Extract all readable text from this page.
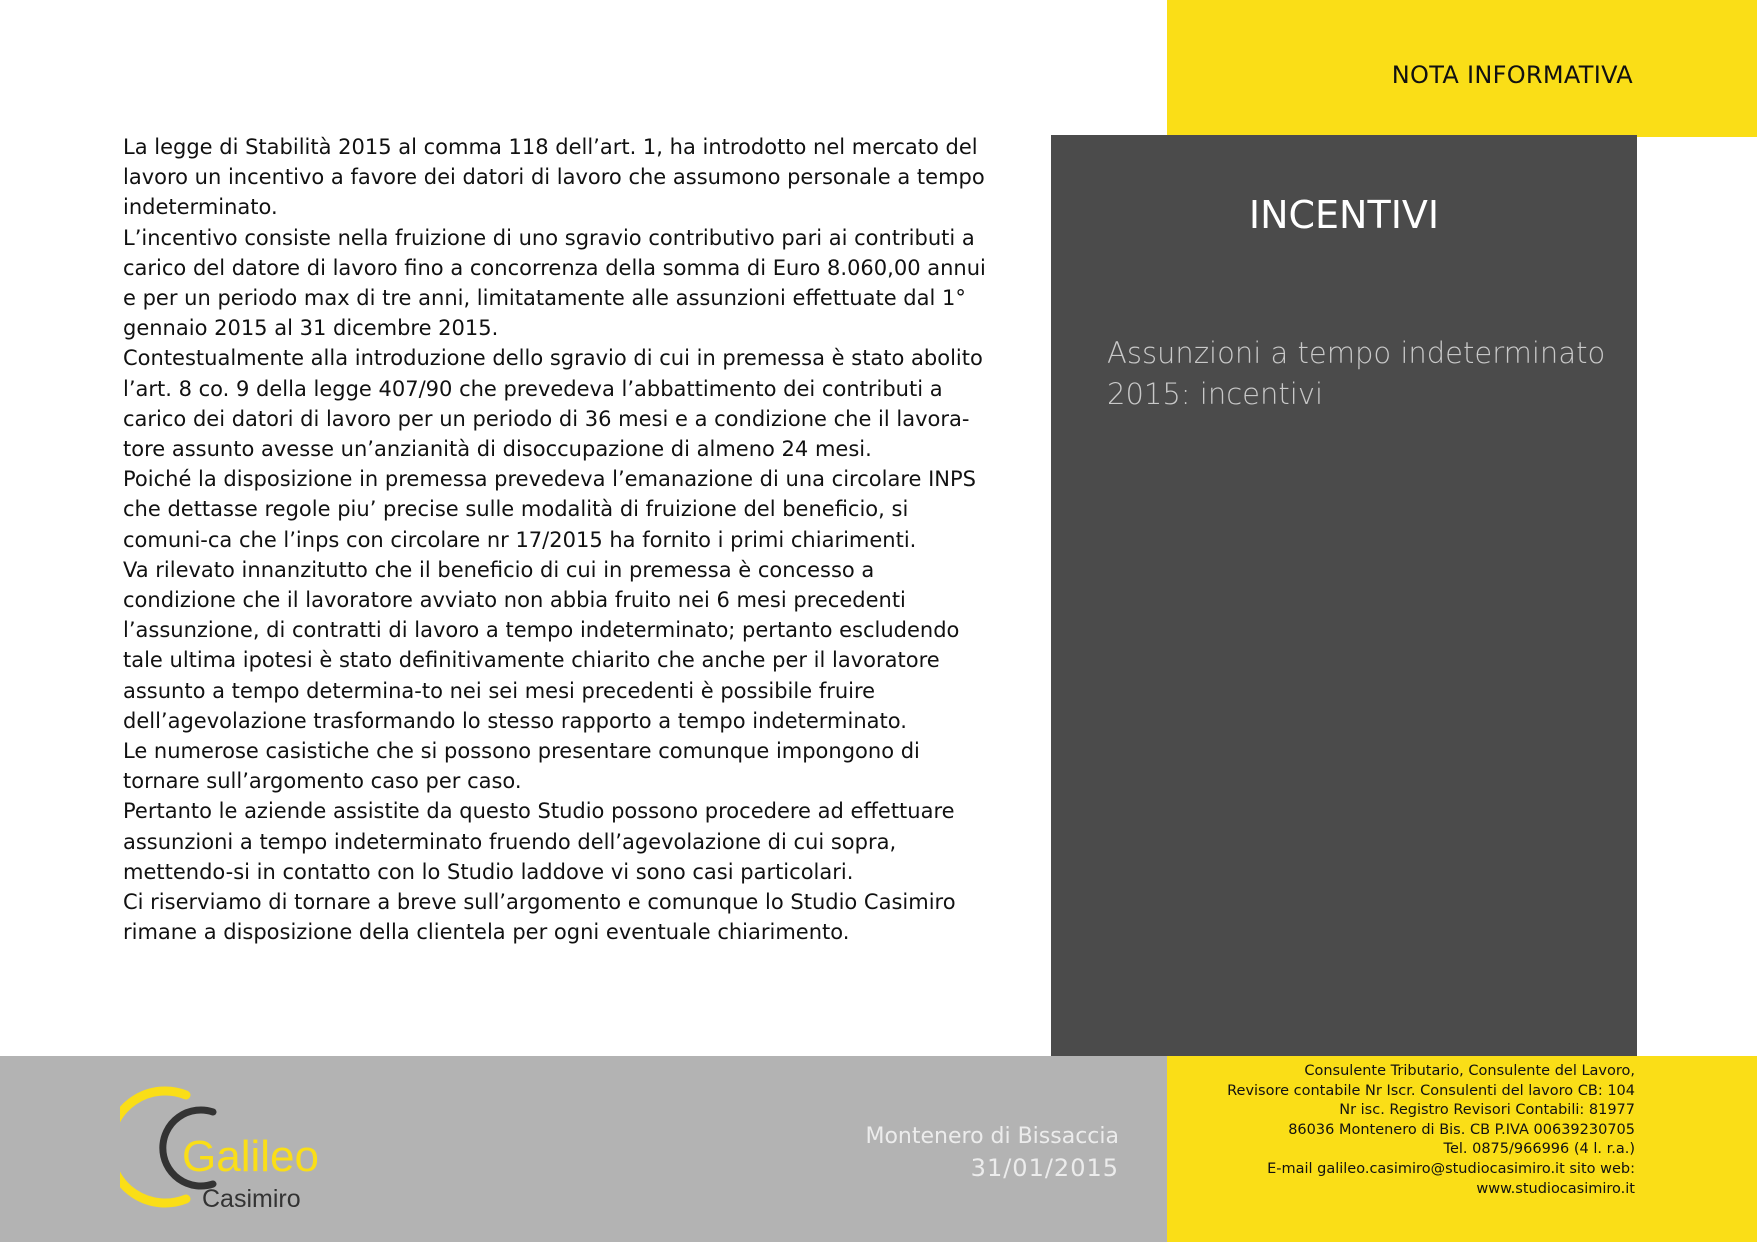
NOTA INFORMATIVA
INCENTIVI
Assunzioni a tempo indeterminato
2015: incentivi

La legge di Stabilità 2015 al comma 118 dell’art. 1, ha introdotto nel mercato del lavoro un incentivo a favore dei datori di lavoro che assumono personale a tempo indeterminato.

L’incentivo consiste nella fruizione di uno sgravio contributivo pari ai contributi a carico del datore di lavoro fino a concorrenza della somma di Euro 8.060,00 annui e per un periodo max di tre anni, limitatamente alle assunzioni effettuate dal 1° gennaio 2015 al 31 dicembre 2015.

Contestualmente alla introduzione dello sgravio di cui in premessa è stato abolito l’art. 8 co. 9 della legge 407/90 che prevedeva l’abbattimento dei contributi a carico dei datori di lavoro per un periodo di 36 mesi e a condizione che il lavora-tore assunto avesse un’anzianità di disoccupazione di almeno 24 mesi.

Poiché la disposizione in premessa prevedeva l’emanazione di una circolare INPS che dettasse regole piu’ precise sulle modalità di fruizione del beneficio, si comuni-ca che l’inps con circolare nr 17/2015 ha fornito i primi chiarimenti.

Va rilevato innanzitutto che il beneficio di cui in premessa è concesso a condizione che il lavoratore avviato non abbia fruito nei 6 mesi precedenti l’assunzione, di contratti di lavoro a tempo indeterminato; pertanto escludendo tale ultima ipotesi è stato definitivamente chiarito che anche per il lavoratore assunto a tempo determina-to nei sei mesi precedenti è possibile fruire dell’agevolazione trasformando lo stesso rapporto a tempo indeterminato.

Le numerose casistiche che si possono presentare comunque impongono di tornare sull’argomento caso per caso.

Pertanto le aziende assistite da questo Studio possono procedere ad effettuare assunzioni a tempo indeterminato fruendo dell’agevolazione di cui sopra, mettendo-si in contatto con lo Studio laddove vi sono casi particolari.

Ci riserviamo di tornare a breve sull’argomento e comunque lo Studio Casimiro rimane a disposizione della clientela per ogni eventuale chiarimento.

Montenero di Bissaccia
31/01/2015
Galileo
Casimiro
Consulente Tributario, Consulente del Lavoro,
Revisore contabile Nr Iscr. Consulenti del lavoro CB: 104
Nr isc. Registro Revisori Contabili: 81977
86036 Montenero di Bis. CB P.IVA 00639230705
Tel. 0875/966996 (4 l. r.a.)
E-mail galileo.casimiro@studiocasimiro.it sito web:
www.studiocasimiro.it
